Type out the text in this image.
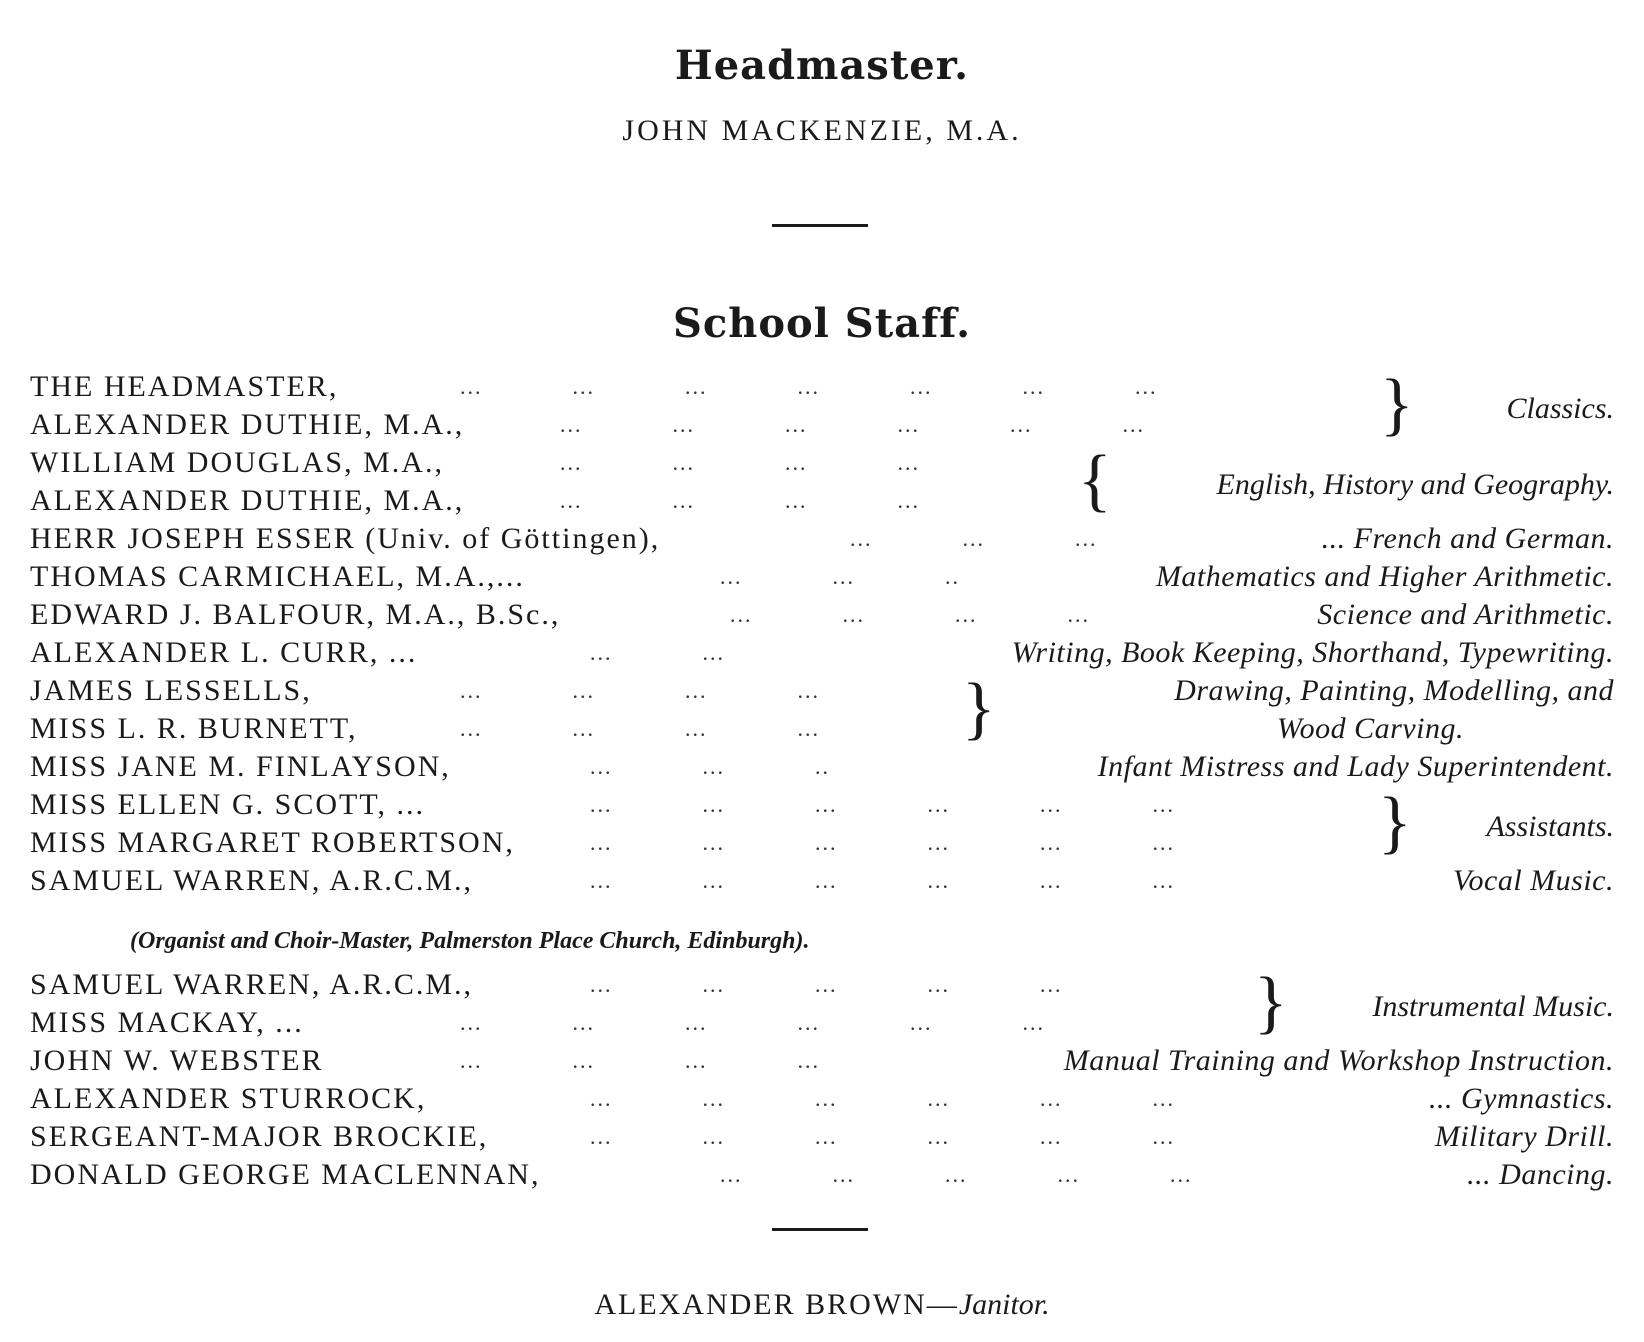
Headmaster.
JOHN MACKENZIE, M.A.
School Staff.
THE HEADMASTER,	...            ...            ...            ...            ...            ...            ...
ALEXANDER DUTHIE, M.A.,	...            ...            ...            ...            ...            ...	}	Classics.
WILLIAM DOUGLAS, M.A.,	...            ...            ...            ...
ALEXANDER DUTHIE, M.A.,	...            ...            ...            ... {	English, History and Geography.
HERR JOSEPH ESSER (Univ. of Göttingen),	...            ...            ...	... French and German.
THOMAS CARMICHAEL, M.A.,...	...            ...            ..	Mathematics and Higher Arithmetic.
EDWARD J. BALFOUR, M.A., B.Sc.,	...            ...            ...            ...	Science and Arithmetic.
ALEXANDER L. CURR, ...	...            ...	Writing, Book Keeping, Shorthand, Typewriting.
JAMES LESSELLS,	...            ...            ...            ...	Drawing, Painting, Modelling, and
MISS L. R. BURNETT,	...            ...            ...            ...	Wood Carving.
}
MISS JANE M. FINLAYSON,	...            ...            ..	Infant Mistress and Lady Superintendent.
MISS ELLEN G. SCOTT, ...	...            ...            ...            ...            ...            ...
MISS MARGARET ROBERTSON,	...            ...            ...            ...            ...            ...	} Assistants.
SAMUEL WARREN, A.R.C.M.,	...            ...            ...            ...            ...            ...	Vocal Music.
(Organist and Choir-Master, Palmerston Place Church, Edinburgh).
SAMUEL WARREN, A.R.C.M.,	...            ...            ...            ...            ...
MISS MACKAY, ...	...            ...            ...            ...            ...            ...	}	Instrumental Music.
JOHN W. WEBSTER	...            ...            ...            ...	Manual Training and Workshop Instruction.
ALEXANDER STURROCK,	...            ...            ...            ...            ...            ...	... Gymnastics.
SERGEANT-MAJOR BROCKIE,	...            ...            ...            ...            ...            ...	Military Drill.
DONALD GEORGE MACLENNAN,	...            ...            ...            ...            ...	... Dancing.
ALEXANDER BROWN—Janitor.
